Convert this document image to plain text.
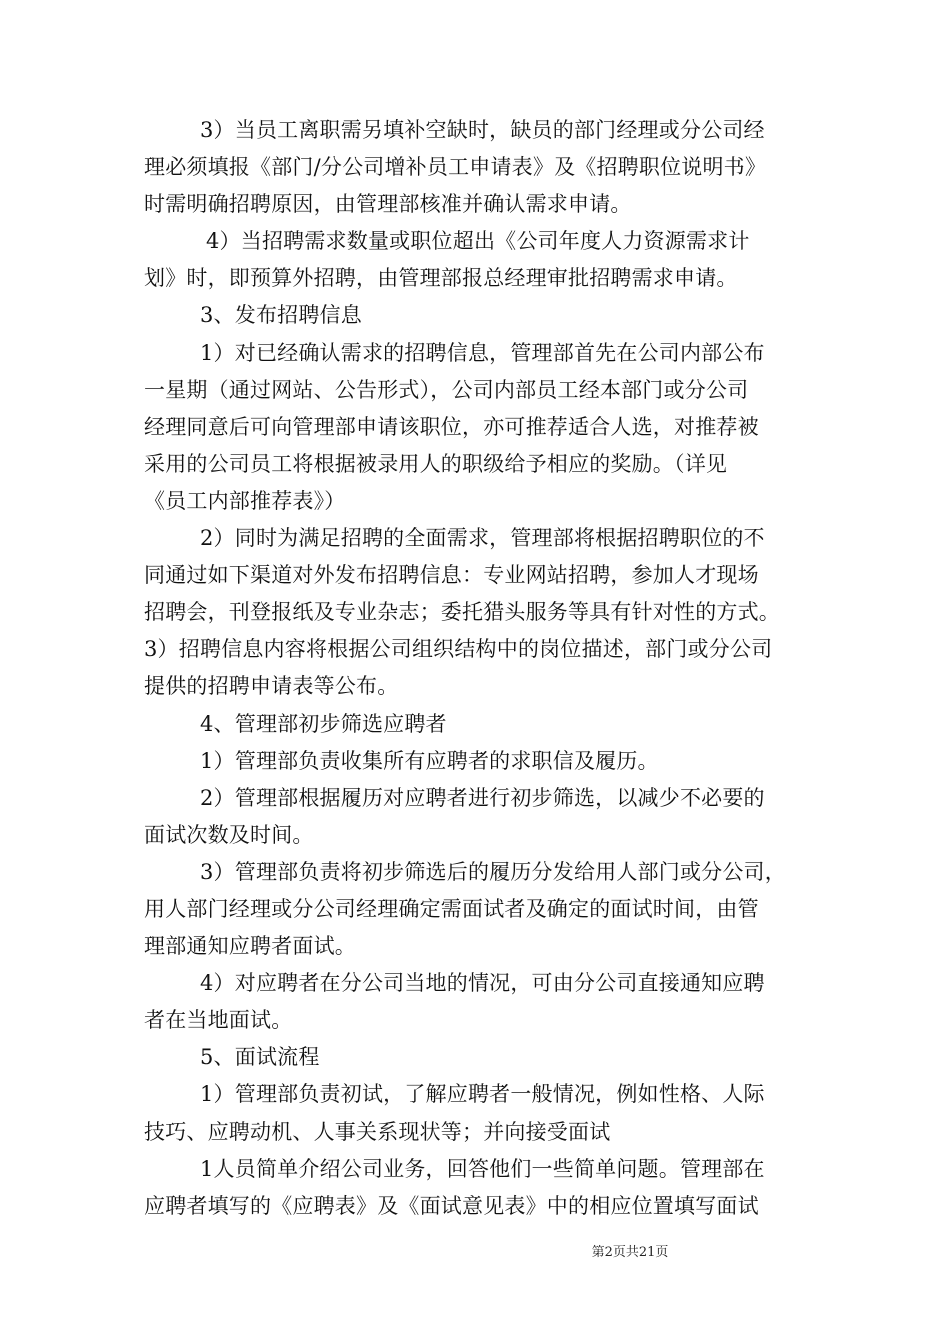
3）当员工离职需另填补空缺时，缺员的部门经理或分公司经
理必须填报《部门/分公司增补员工申请表》及《招聘职位说明书》
时需明确招聘原因，由管理部核准并确认需求申请。
4）当招聘需求数量或职位超出《公司年度人力资源需求计
划》时，即预算外招聘，由管理部报总经理审批招聘需求申请。
3、发布招聘信息
1）对已经确认需求的招聘信息，管理部首先在公司内部公布
一星期（通过网站、公告形式），公司内部员工经本部门或分公司
经理同意后可向管理部申请该职位，亦可推荐适合人选，对推荐被
采用的公司员工将根据被录用人的职级给予相应的奖励。（详见
《员工内部推荐表》）
2）同时为满足招聘的全面需求，管理部将根据招聘职位的不
同通过如下渠道对外发布招聘信息：专业网站招聘，参加人才现场
招聘会，刊登报纸及专业杂志；委托猎头服务等具有针对性的方式。
3）招聘信息内容将根据公司组织结构中的岗位描述，部门或分公司
提供的招聘申请表等公布。
4、管理部初步筛选应聘者
1）管理部负责收集所有应聘者的求职信及履历。
2）管理部根据履历对应聘者进行初步筛选，以减少不必要的
面试次数及时间。
3）管理部负责将初步筛选后的履历分发给用人部门或分公司，
用人部门经理或分公司经理确定需面试者及确定的面试时间，由管
理部通知应聘者面试。
4）对应聘者在分公司当地的情况，可由分公司直接通知应聘
者在当地面试。
5、面试流程
1）管理部负责初试，了解应聘者一般情况，例如性格、人际
技巧、应聘动机、人事关系现状等；并向接受面试
1人员简单介绍公司业务，回答他们一些简单问题。管理部在
应聘者填写的《应聘表》及《面试意见表》中的相应位置填写面试
第2页共21页
